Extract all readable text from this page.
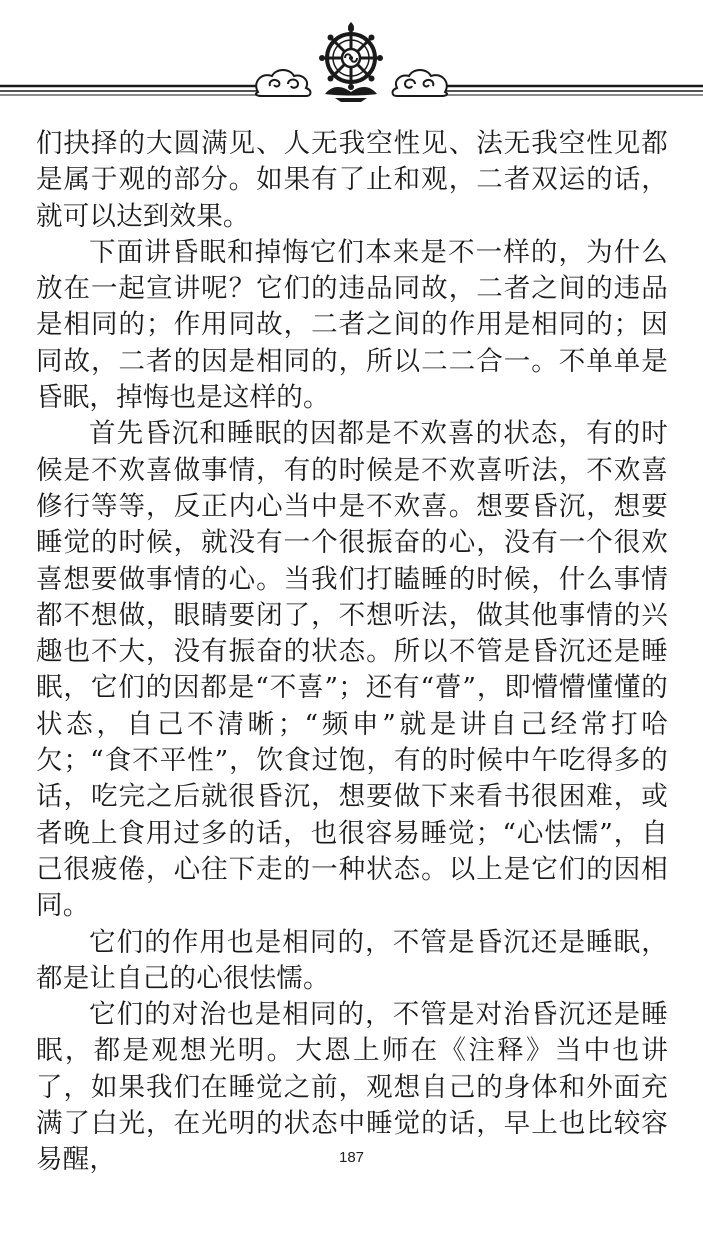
们抉择的大圆满见、人无我空性见、法无我空性见都是属于观的部分。如果有了止和观，二者双运的话，就可以达到效果。

下面讲昏眠和掉悔它们本来是不一样的，为什么放在一起宣讲呢？它们的违品同故，二者之间的违品是相同的；作用同故，二者之间的作用是相同的；因同故，二者的因是相同的，所以二二合一。不单单是昏眠，掉悔也是这样的。

首先昏沉和睡眠的因都是不欢喜的状态，有的时候是不欢喜做事情，有的时候是不欢喜听法，不欢喜修行等等，反正内心当中是不欢喜。想要昏沉，想要睡觉的时候，就没有一个很振奋的心，没有一个很欢喜想要做事情的心。当我们打瞌睡的时候，什么事情都不想做，眼睛要闭了，不想听法，做其他事情的兴趣也不大，没有振奋的状态。所以不管是昏沉还是睡眠，它们的因都是“不喜”；还有“瞢”，即懵懵懂懂的状态，自己不清晰；“频申”就是讲自己经常打哈欠；“食不平性”，饮食过饱，有的时候中午吃得多的话，吃完之后就很昏沉，想要做下来看书很困难，或者晚上食用过多的话，也很容易睡觉；“心怯懦”，自己很疲倦，心往下走的一种状态。以上是它们的因相同。

它们的作用也是相同的，不管是昏沉还是睡眠，都是让自己的心很怯懦。

它们的对治也是相同的，不管是对治昏沉还是睡眠，都是观想光明。大恩上师在《注释》当中也讲了，如果我们在睡觉之前，观想自己的身体和外面充满了白光，在光明的状态中睡觉的话，早上也比较容易醒，	187
